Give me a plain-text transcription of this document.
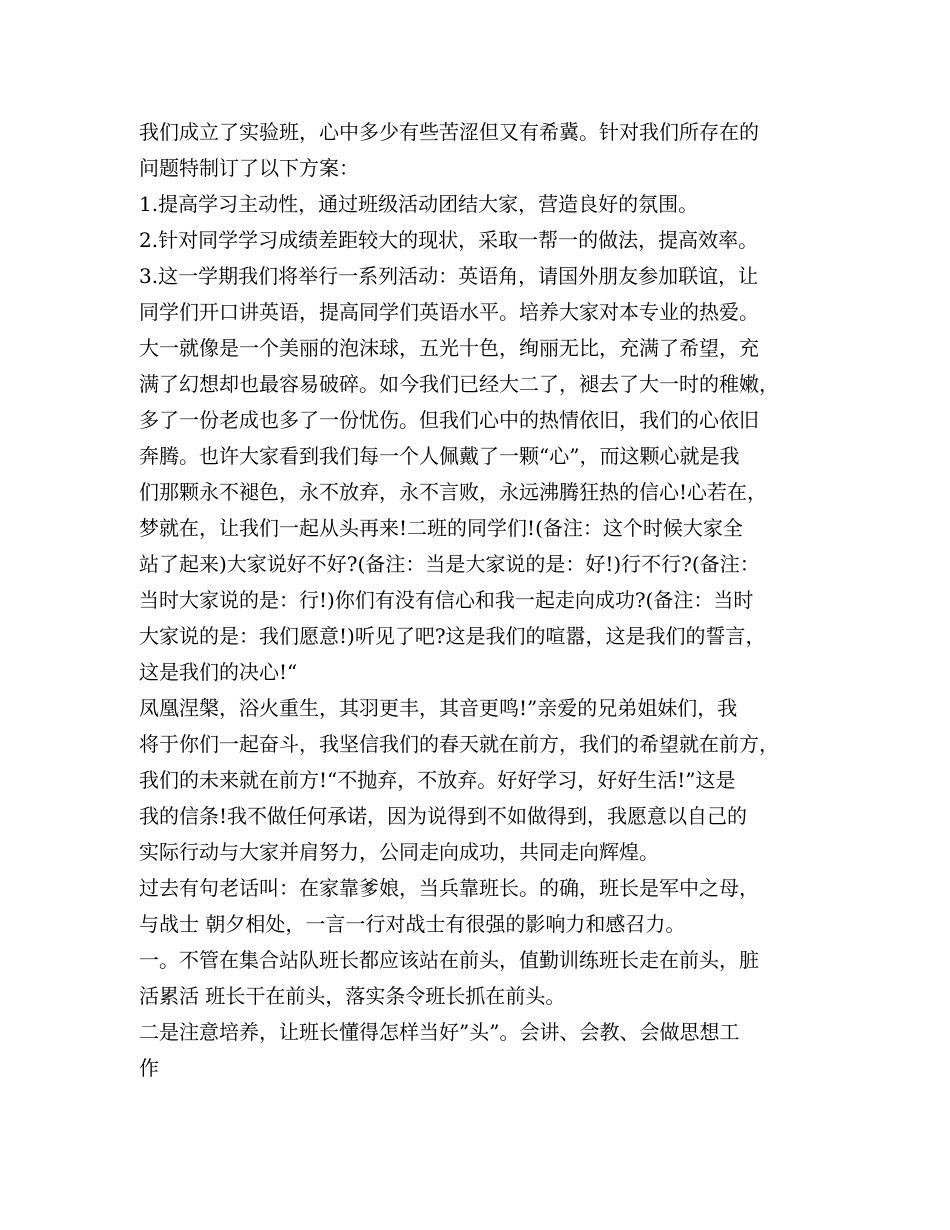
我们成立了实验班，心中多少有些苦涩但又有希冀。针对我们所存在的
问题特制订了以下方案：
1.提高学习主动性，通过班级活动团结大家，营造良好的氛围。
2.针对同学学习成绩差距较大的现状，采取一帮一的做法，提高效率。
3.这一学期我们将举行一系列活动：英语角，请国外朋友参加联谊，让
同学们开口讲英语，提高同学们英语水平。培养大家对本专业的热爱。
大一就像是一个美丽的泡沫球，五光十色，绚丽无比，充满了希望，充
满了幻想却也最容易破碎。如今我们已经大二了，褪去了大一时的稚嫩，
多了一份老成也多了一份忧伤。但我们心中的热情依旧，我们的心依旧
奔腾。也许大家看到我们每一个人佩戴了一颗“心”，而这颗心就是我
们那颗永不褪色，永不放弃，永不言败，永远沸腾狂热的信心!心若在，
梦就在，让我们一起从头再来!二班的同学们!(备注：这个时候大家全
站了起来)大家说好不好?(备注：当是大家说的是：好!)行不行?(备注：
当时大家说的是：行!)你们有没有信心和我一起走向成功?(备注：当时
大家说的是：我们愿意!)听见了吧?这是我们的喧嚣，这是我们的誓言，
这是我们的决心!“
凤凰涅槃，浴火重生，其羽更丰，其音更鸣!”亲爱的兄弟姐妹们，我
将于你们一起奋斗，我坚信我们的春天就在前方，我们的希望就在前方，
我们的未来就在前方!“不抛弃，不放弃。好好学习，好好生活!”这是
我的信条!我不做任何承诺，因为说得到不如做得到，我愿意以自己的
实际行动与大家并肩努力，公同走向成功，共同走向辉煌。
过去有句老话叫：在家靠爹娘，当兵靠班长。的确，班长是军中之母，
与战士 朝夕相处，一言一行对战士有很强的影响力和感召力。
一。不管在集合站队班长都应该站在前头，值勤训练班长走在前头，脏
活累活 班长干在前头，落实条令班长抓在前头。
二是注意培养，让班长懂得怎样当好”头”。会讲、会教、会做思想工
作
